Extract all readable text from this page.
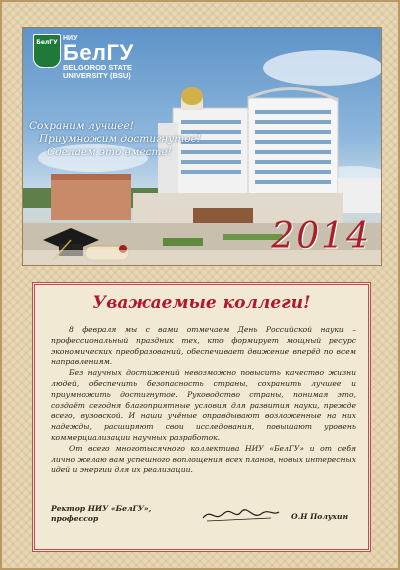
БелГУ
НИУ
БелГУ
BELGOROD STATE
UNIVERSITY (BSU)
Сохраним лучшее!
Приумножим достигнутое!
Сделаем это вместе!
2014
Уважаемые коллеги!

8 февраля мы с вами отмечаем День Российской науки – профессиональный праздник тех, кто формирует мощный ресурс экономических преобразований, обеспечивает движение вперёд по всем направлениям.

Без научных достижений невозможно повысить качество жизни людей, обеспечить безопасность страны, сохранить лучшее и приумножить достигнутое. Руководство страны, понимая это, создаёт сегодня благоприятные условия для развития науки, прежде всего, вузовской. И наши учёные оправдывают возложенные на них надежды, расширяют свои исследования, повышают уровень коммерциализации научных разработок.

От всего многотысячного коллектива НИУ «БелГУ» и от себя лично желаю вам успешного воплощения всех планов, новых интересных идей и энергии для их реализации.

Ректор НИУ «БелГУ»,
профессор	О.Н Полухин
